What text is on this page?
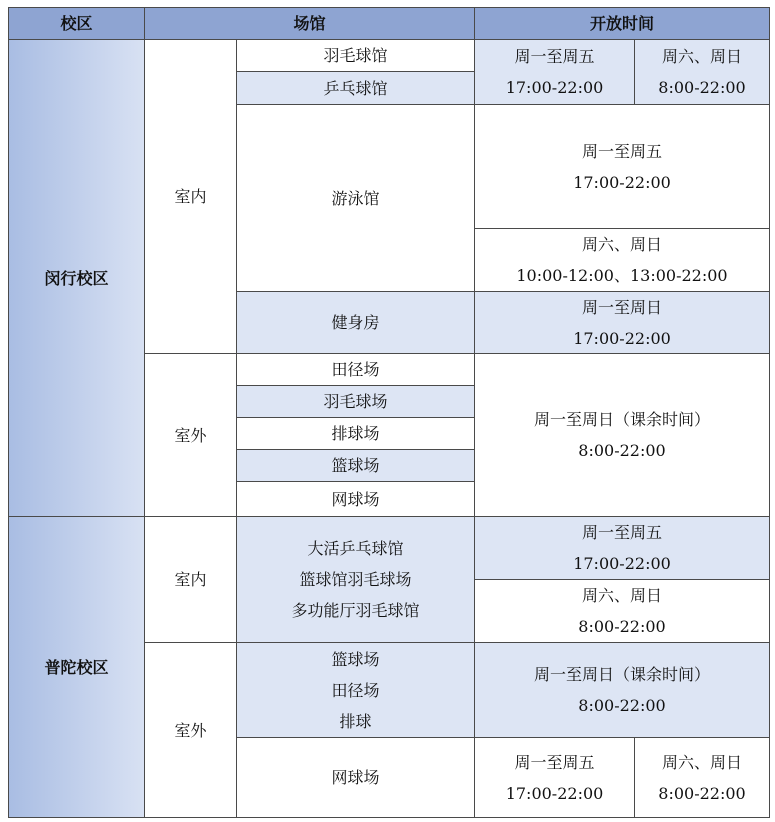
校区	场馆	开放时间
闵行校区
室内
羽毛球馆
乒乓球馆
周一至周五
17:00-22:00
周六、周日
8:00-22:00
游泳馆
周一至周五
17:00-22:00
周六、周日
10:00-12:00、13:00-22:00
健身房
周一至周日
17:00-22:00
室外
田径场
羽毛球场
排球场
篮球场
网球场
周一至周日（课余时间）
8:00-22:00
普陀校区
室内
大活乒乓球馆
篮球馆羽毛球场
多功能厅羽毛球馆
周一至周五
17:00-22:00
周六、周日
8:00-22:00
室外
篮球场
田径场
排球
周一至周日（课余时间）
8:00-22:00
网球场
周一至周五
17:00-22:00
周六、周日
8:00-22:00
